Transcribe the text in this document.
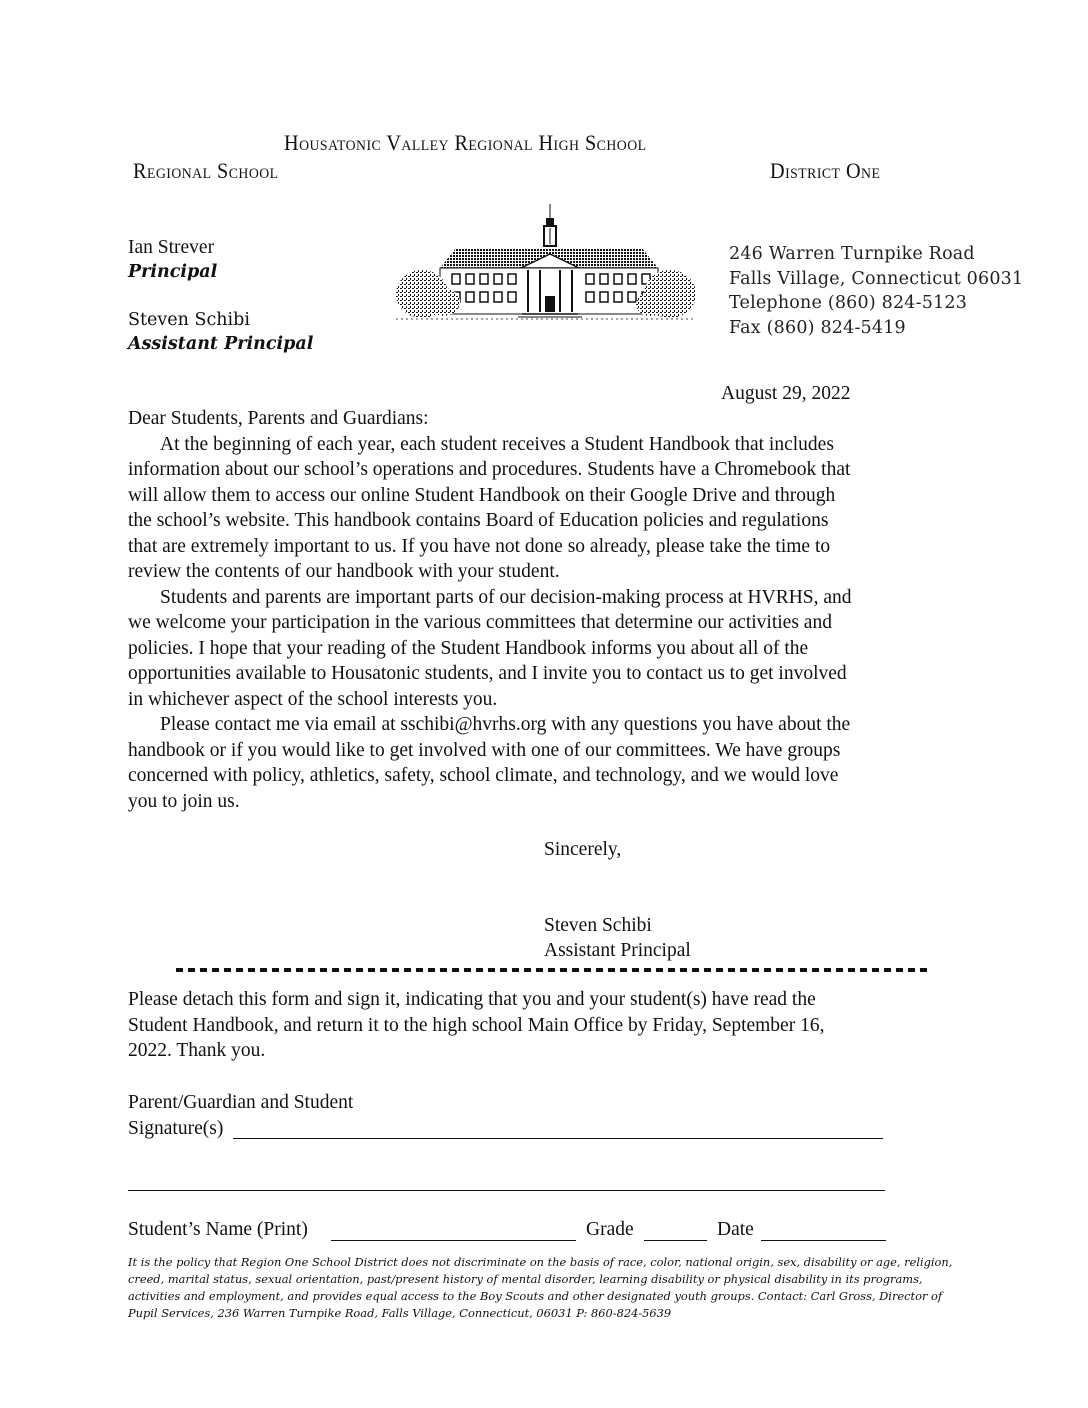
Housatonic Valley Regional High School
Regional School	District One
Ian Strever
Principal
Steven Schibi
Assistant Principal
246 Warren Turnpike Road
Falls Village, Connecticut 06031
Telephone (860) 824-5123
Fax (860) 824-5419
August 29, 2022
Dear Students, Parents and Guardians:
At the beginning of each year, each student receives a Student Handbook that includes
information about our school’s operations and procedures. Students have a Chromebook that
will allow them to access our online Student Handbook on their Google Drive and through
the school’s website. This handbook contains Board of Education policies and regulations
that are extremely important to us. If you have not done so already, please take the time to
review the contents of our handbook with your student.
Students and parents are important parts of our decision-making process at HVRHS, and
we welcome your participation in the various committees that determine our activities and
policies. I hope that your reading of the Student Handbook informs you about all of the
opportunities available to Housatonic students, and I invite you to contact us to get involved
in whichever aspect of the school interests you.
Please contact me via email at sschibi@hvrhs.org with any questions you have about the
handbook or if you would like to get involved with one of our committees. We have groups
concerned with policy, athletics, safety, school climate, and technology, and we would love
you to join us.
Sincerely,
Steven Schibi
Assistant Principal
Please detach this form and sign it, indicating that you and your student(s) have read the
Student Handbook, and return it to the high school Main Office by Friday, September 16,
2022. Thank you.
Parent/Guardian and Student
Signature(s)
Student’s Name (Print)	Grade	Date
It is the policy that Region One School District does not discriminate on the basis of race, color, national origin, sex, disability or age, religion,
creed, marital status, sexual orientation, past/present history of mental disorder, learning disability or physical disability in its programs,
activities and employment, and provides equal access to the Boy Scouts and other designated youth groups. Contact: Carl Gross, Director of
Pupil Services, 236 Warren Turnpike Road, Falls Village, Connecticut, 06031 P: 860-824-5639
